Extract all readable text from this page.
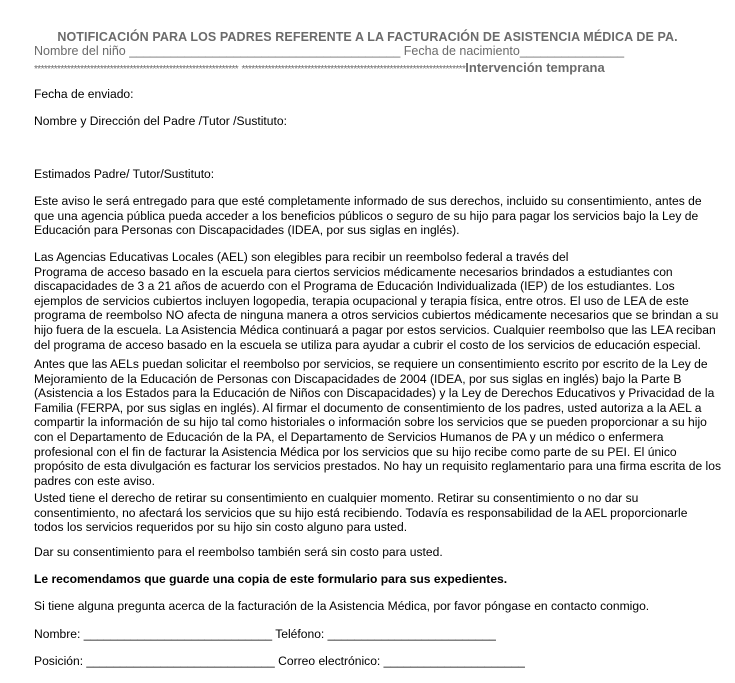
NOTIFICACIÓN PARA LOS PADRES REFERENTE A LA FACTURACIÓN DE ASISTENCIA MÉDICA DE PA.
Nombre del niño _______________________________________ Fecha de nacimiento_______________
************************************************************** ********************************************************************Intervención temprana
Fecha de enviado:
Nombre y Dirección del Padre /Tutor /Sustituto:
Estimados Padre/ Tutor/Sustituto:
Este aviso le será entregado para que esté completamente informado de sus derechos, incluido su consentimiento, antes de
que una agencia pública pueda acceder a los beneficios públicos o seguro de su hijo para pagar los servicios bajo la Ley de
Educación para Personas con Discapacidades (IDEA, por sus siglas en inglés).
Las Agencias Educativas Locales (AEL) son elegibles para recibir un reembolso federal a través del
Programa de acceso basado en la escuela para ciertos servicios médicamente necesarios brindados a estudiantes con
discapacidades de 3 a 21 años de acuerdo con el Programa de Educación Individualizada (IEP) de los estudiantes. Los
ejemplos de servicios cubiertos incluyen logopedia, terapia ocupacional y terapia física, entre otros. El uso de LEA de este
programa de reembolso NO afecta de ninguna manera a otros servicios cubiertos médicamente necesarios que se brindan a su
hijo fuera de la escuela. La Asistencia Médica continuará a pagar por estos servicios. Cualquier reembolso que las LEA reciban
del programa de acceso basado en la escuela se utiliza para ayudar a cubrir el costo de los servicios de educación especial.
Antes que las AELs puedan solicitar el reembolso por servicios, se requiere un consentimiento escrito por escrito de la Ley de
Mejoramiento de la Educación de Personas con Discapacidades de 2004 (IDEA, por sus siglas en inglés) bajo la Parte B
(Asistencia a los Estados para la Educación de Niños con Discapacidades) y la Ley de Derechos Educativos y Privacidad de la
Familia (FERPA, por sus siglas en inglés). Al firmar el documento de consentimiento de los padres, usted autoriza a la AEL a
compartir la información de su hijo tal como historiales o información sobre los servicios que se pueden proporcionar a su hijo
con el Departamento de Educación de la PA, el Departamento de Servicios Humanos de PA y un médico o enfermera
profesional con el fin de facturar la Asistencia Médica por los servicios que su hijo recibe como parte de su PEI. El único
propósito de esta divulgación es facturar los servicios prestados. No hay un requisito reglamentario para una firma escrita de los
padres con este aviso.
Usted tiene el derecho de retirar su consentimiento en cualquier momento. Retirar su consentimiento o no dar su
consentimiento, no afectará los servicios que su hijo está recibiendo. Todavía es responsabilidad de la AEL proporcionarle
todos los servicios requeridos por su hijo sin costo alguno para usted.
Dar su consentimiento para el reembolso también será sin costo para usted.
Le recomendamos que guarde una copia de este formulario para sus expedientes.
Si tiene alguna pregunta acerca de la facturación de la Asistencia Médica, por favor póngase en contacto conmigo.
Nombre: ____________________________ Teléfono: _________________________
Posición: ____________________________ Correo electrónico: _____________________
